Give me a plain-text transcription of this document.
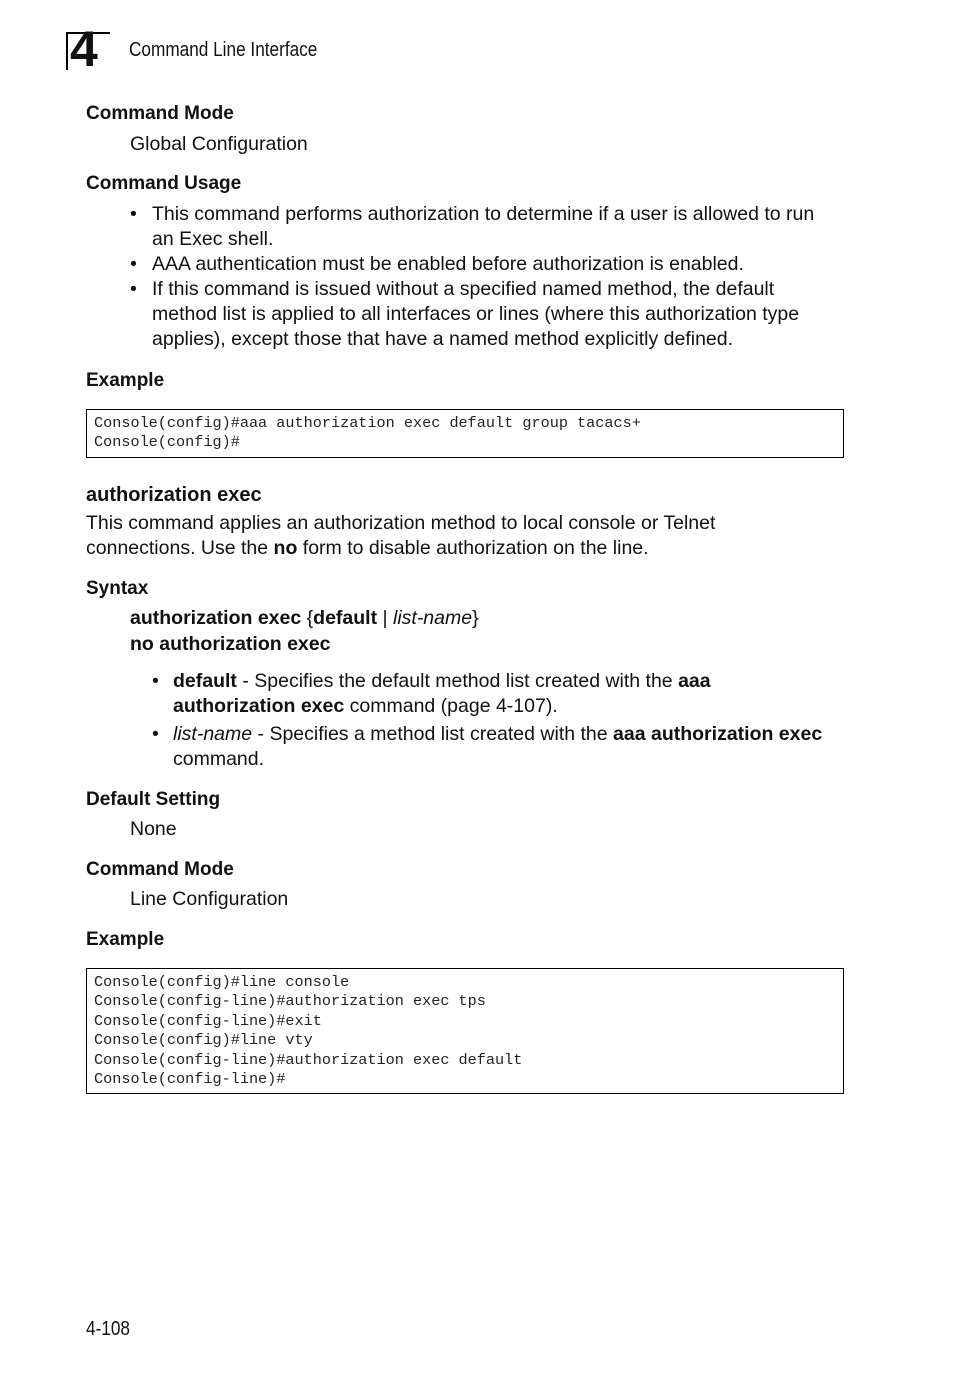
4 Command Line Interface
Command Mode
Global Configuration
Command Usage
• This command performs authorization to determine if a user is allowed to run
an Exec shell.
• AAA authentication must be enabled before authorization is enabled.
• If this command is issued without a specified named method, the default
method list is applied to all interfaces or lines (where this authorization type
applies), except those that have a named method explicitly defined.
Example
Console(config)#aaa authorization exec default group tacacs+
Console(config)#
authorization exec
This command applies an authorization method to local console or Telnet
connections. Use the no form to disable authorization on the line.
Syntax
authorization exec {default | list-name}
no authorization exec
• default - Specifies the default method list created with the aaa
authorization exec command (page 4-107).
• list-name - Specifies a method list created with the aaa authorization exec
command.
Default Setting
None
Command Mode
Line Configuration
Example
Console(config)#line console
Console(config-line)#authorization exec tps
Console(config-line)#exit
Console(config)#line vty
Console(config-line)#authorization exec default
Console(config-line)#
4-108
